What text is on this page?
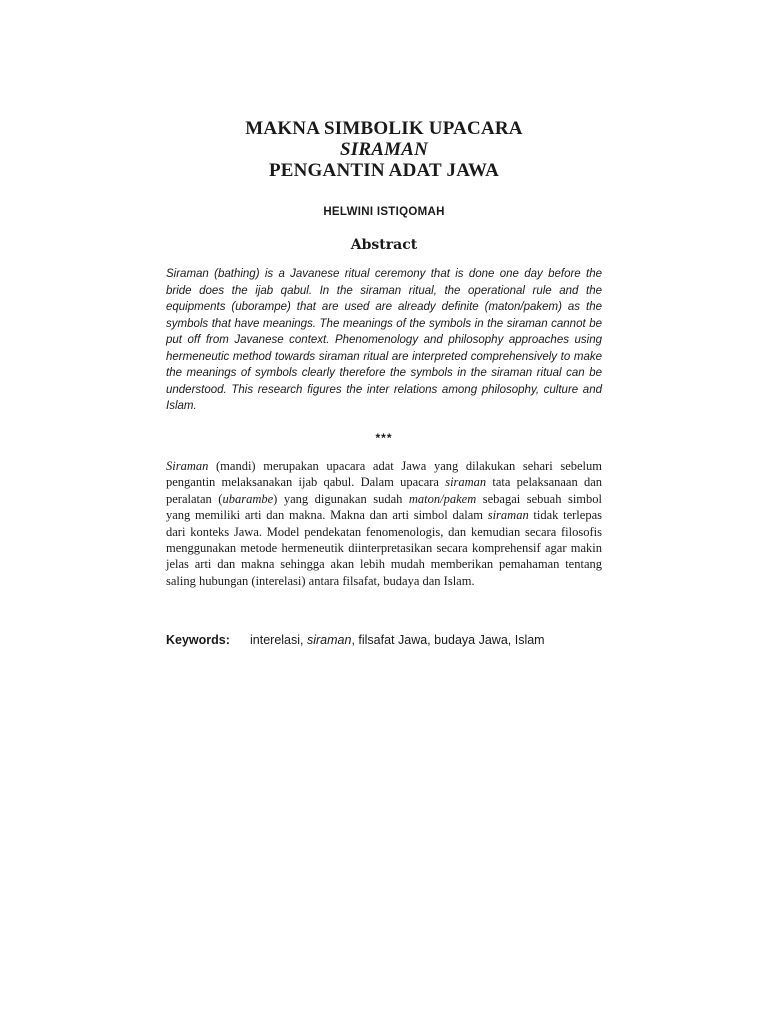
MAKNA SIMBOLIK UPACARA
SIRAMAN
PENGANTIN ADAT JAWA
HELWINI ISTIQOMAH
Abstract
Siraman (bathing) is a Javanese ritual ceremony that is done one day before the bride does the ijab qabul. In the siraman ritual, the operational rule and the equipments (uborampe) that are used are already definite (maton/pakem) as the symbols that have meanings. The meanings of the symbols in the siraman cannot be put off from Javanese context. Phenomenology and philosophy approaches using hermeneutic method towards siraman ritual are interpreted comprehensively to make the meanings of symbols clearly therefore the symbols in the siraman ritual can be understood. This research figures the inter relations among philosophy, culture and Islam.
***
Siraman (mandi) merupakan upacara adat Jawa yang dilakukan sehari sebelum pengantin melaksanakan ijab qabul. Dalam upacara siraman tata pelaksanaan dan peralatan (ubarambe) yang digunakan sudah maton/pakem sebagai sebuah simbol yang memiliki arti dan makna. Makna dan arti simbol dalam siraman tidak terlepas dari konteks Jawa. Model pendekatan fenomenologis, dan kemudian secara filosofis menggunakan metode hermeneutik diinterpretasikan secara komprehensif agar makin jelas arti dan makna sehingga akan lebih mudah memberikan pemahaman tentang saling hubungan (interelasi) antara filsafat, budaya dan Islam.
Keywords: interelasi, siraman, filsafat Jawa, budaya Jawa, Islam
